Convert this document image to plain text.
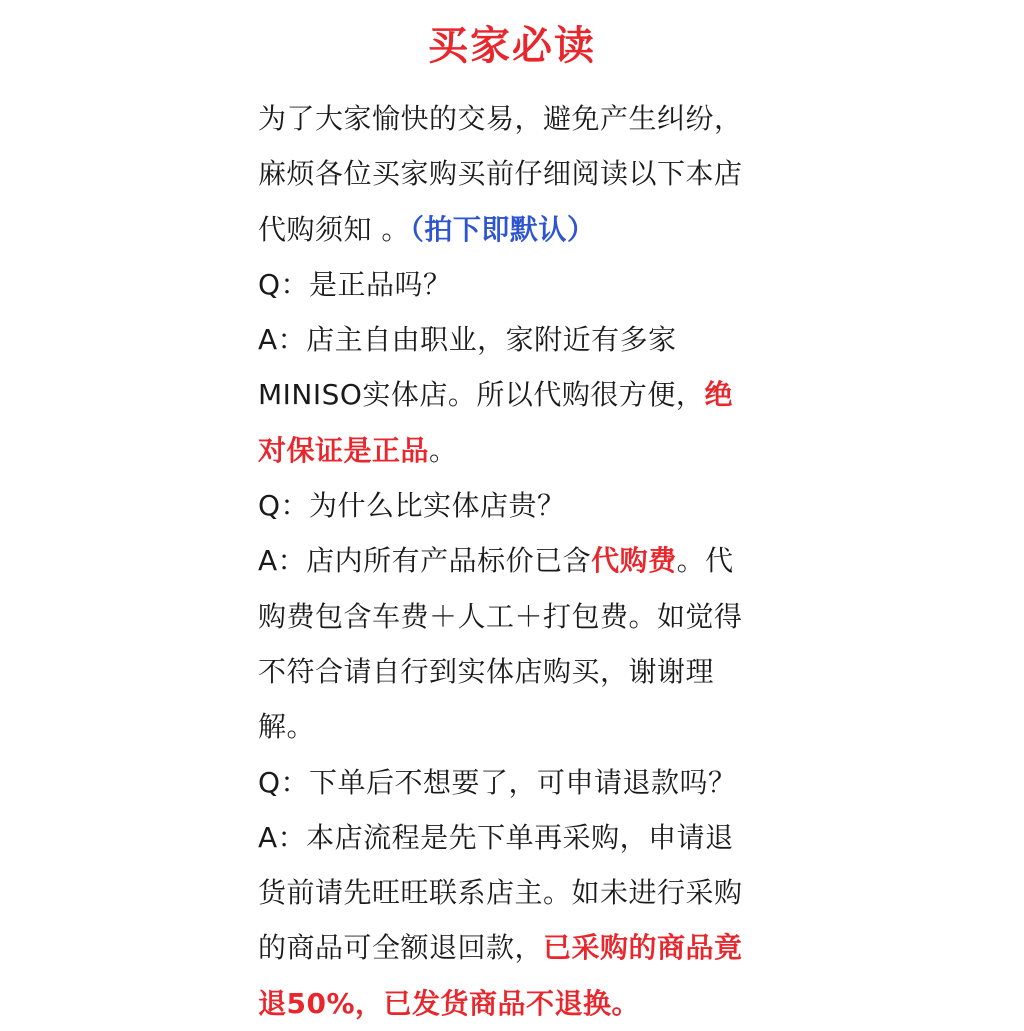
买家必读
为了大家愉快的交易，避免产生纠纷，
麻烦各位买家购买前仔细阅读以下本店
代购须知 。（拍下即默认）
Q：是正品吗？
A：店主自由职业，家附近有多家
MINISO实体店。所以代购很方便，绝
对保证是正品。
Q：为什么比实体店贵？
A：店内所有产品标价已含代购费。代
购费包含车费＋人工＋打包费。如觉得
不符合请自行到实体店购买，谢谢理
解。
Q：下单后不想要了，可申请退款吗？
A：本店流程是先下单再采购，申请退
货前请先旺旺联系店主。如未进行采购
的商品可全额退回款，已采购的商品竟
退50%，已发货商品不退换。
